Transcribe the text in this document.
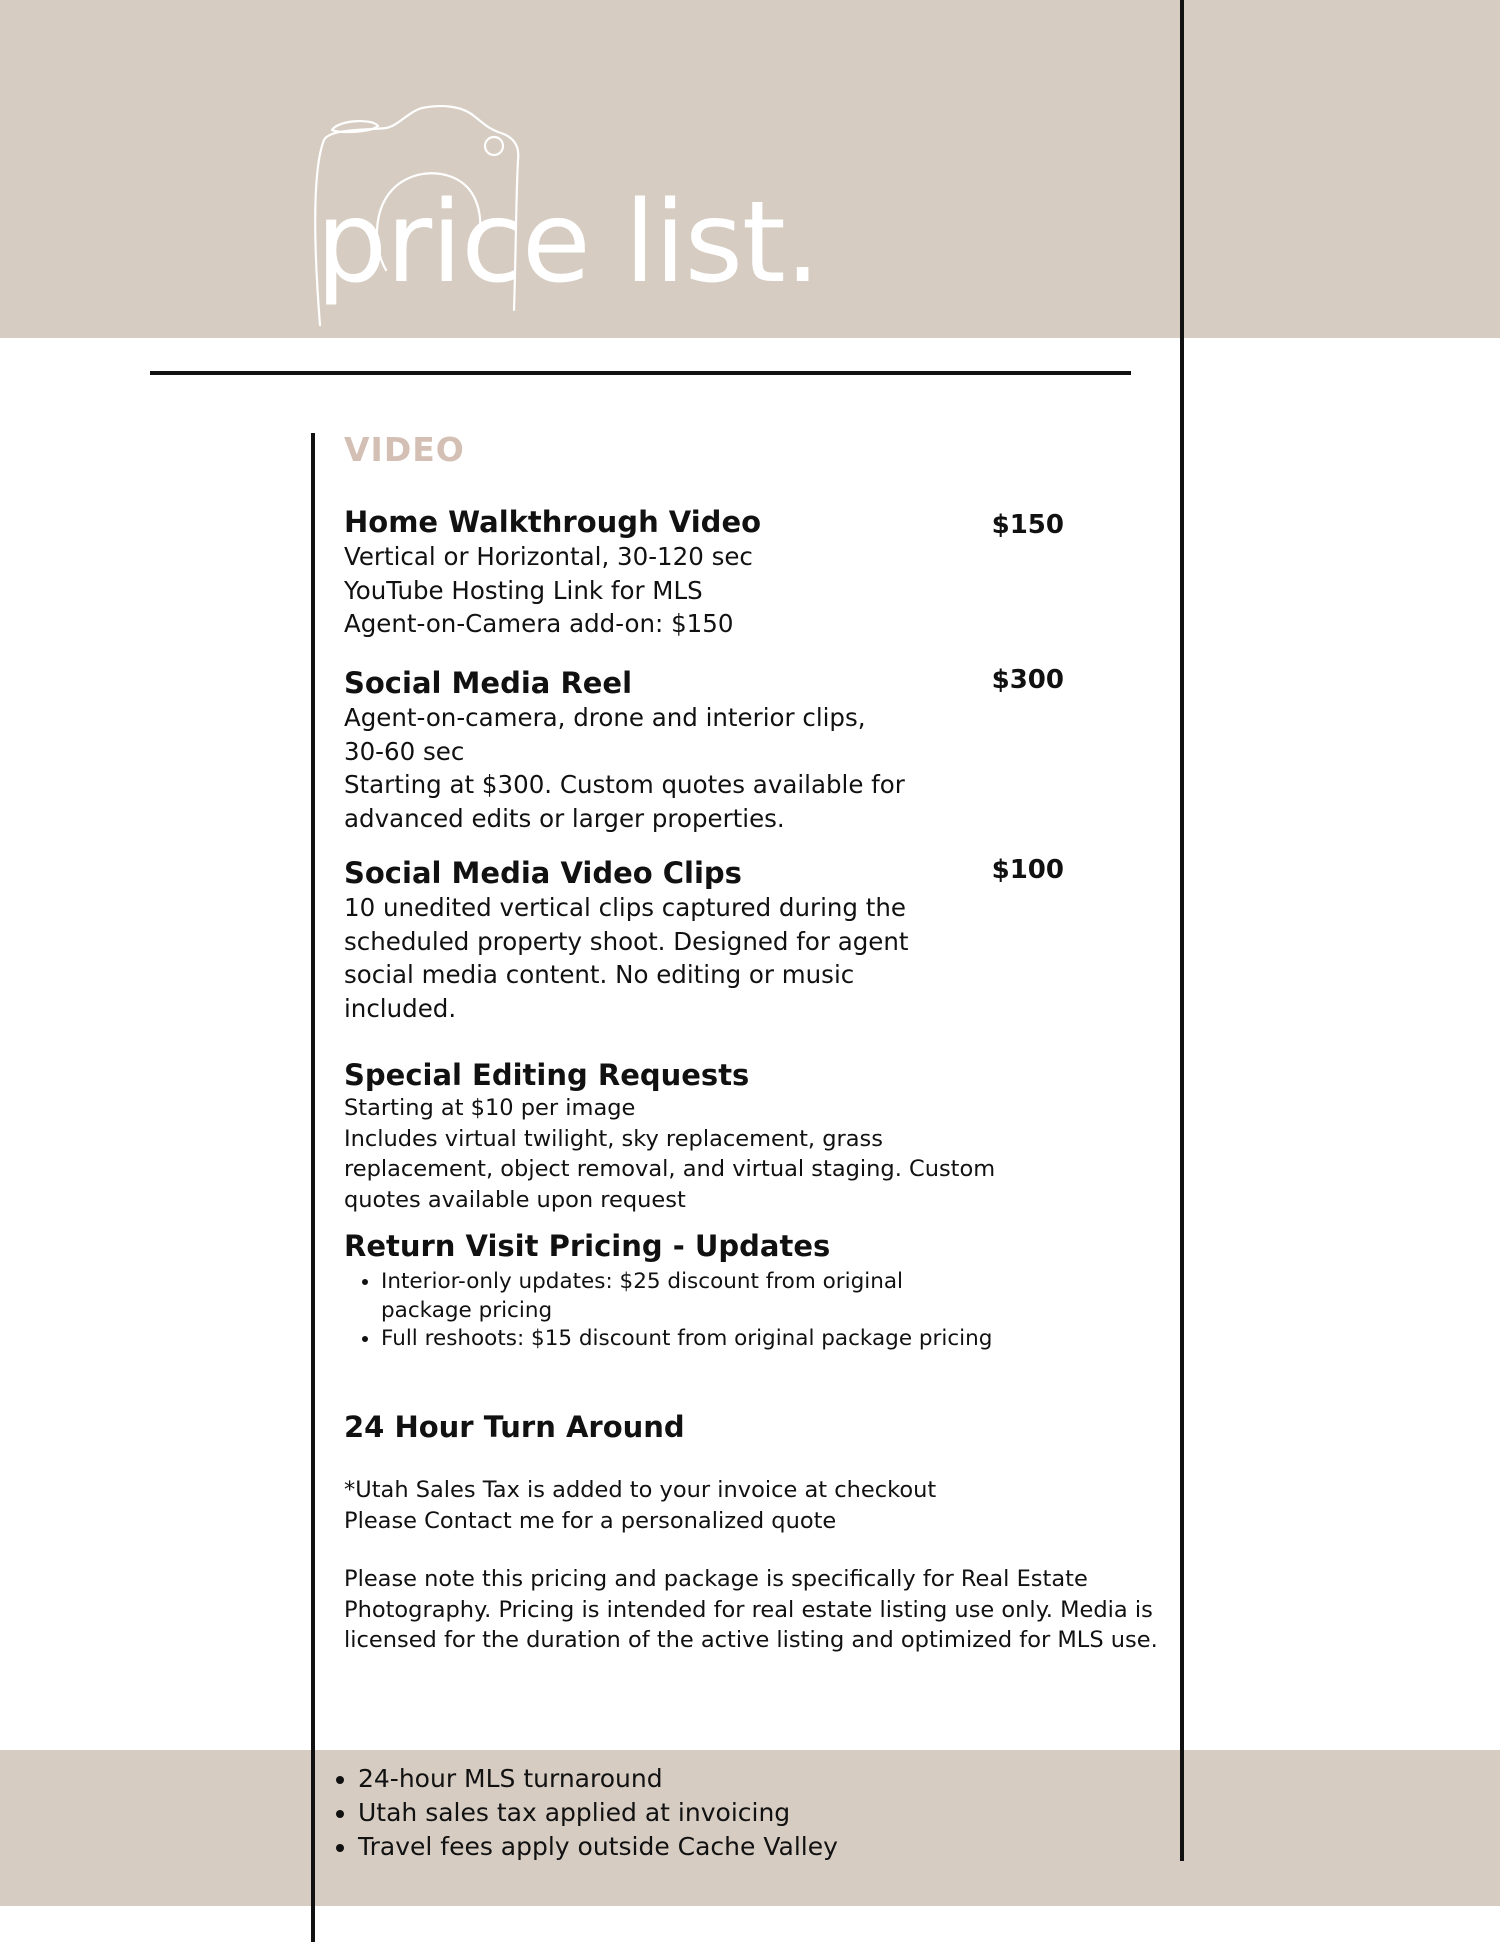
price list.
VIDEO
Home Walkthrough Video	$150
Vertical or Horizontal, 30-120 sec
YouTube Hosting Link for MLS
Agent-on-Camera add-on: $150
Social Media Reel	$300
Agent-on-camera, drone and interior clips,
30-60 sec
Starting at $300. Custom quotes available for
advanced edits or larger properties.
Social Media Video Clips	$100
10 unedited vertical clips captured during the
scheduled property shoot. Designed for agent
social media content. No editing or music
included.
Special Editing Requests
Starting at $10 per image
Includes virtual twilight, sky replacement, grass
replacement, object removal, and virtual staging. Custom
quotes available upon request
Return Visit Pricing - Updates
• Interior-only updates: $25 discount from original package pricing
• Full reshoots: $15 discount from original package pricing
24 Hour Turn Around

*Utah Sales Tax is added to your invoice at checkout

Please Contact me for a personalized quote

Please note this pricing and package is specifically for Real Estate Photography. Pricing is intended for real estate listing use only. Media is licensed for the duration of the active listing and optimized for MLS use.
• 24-hour MLS turnaround
• Utah sales tax applied at invoicing
• Travel fees apply outside Cache Valley
